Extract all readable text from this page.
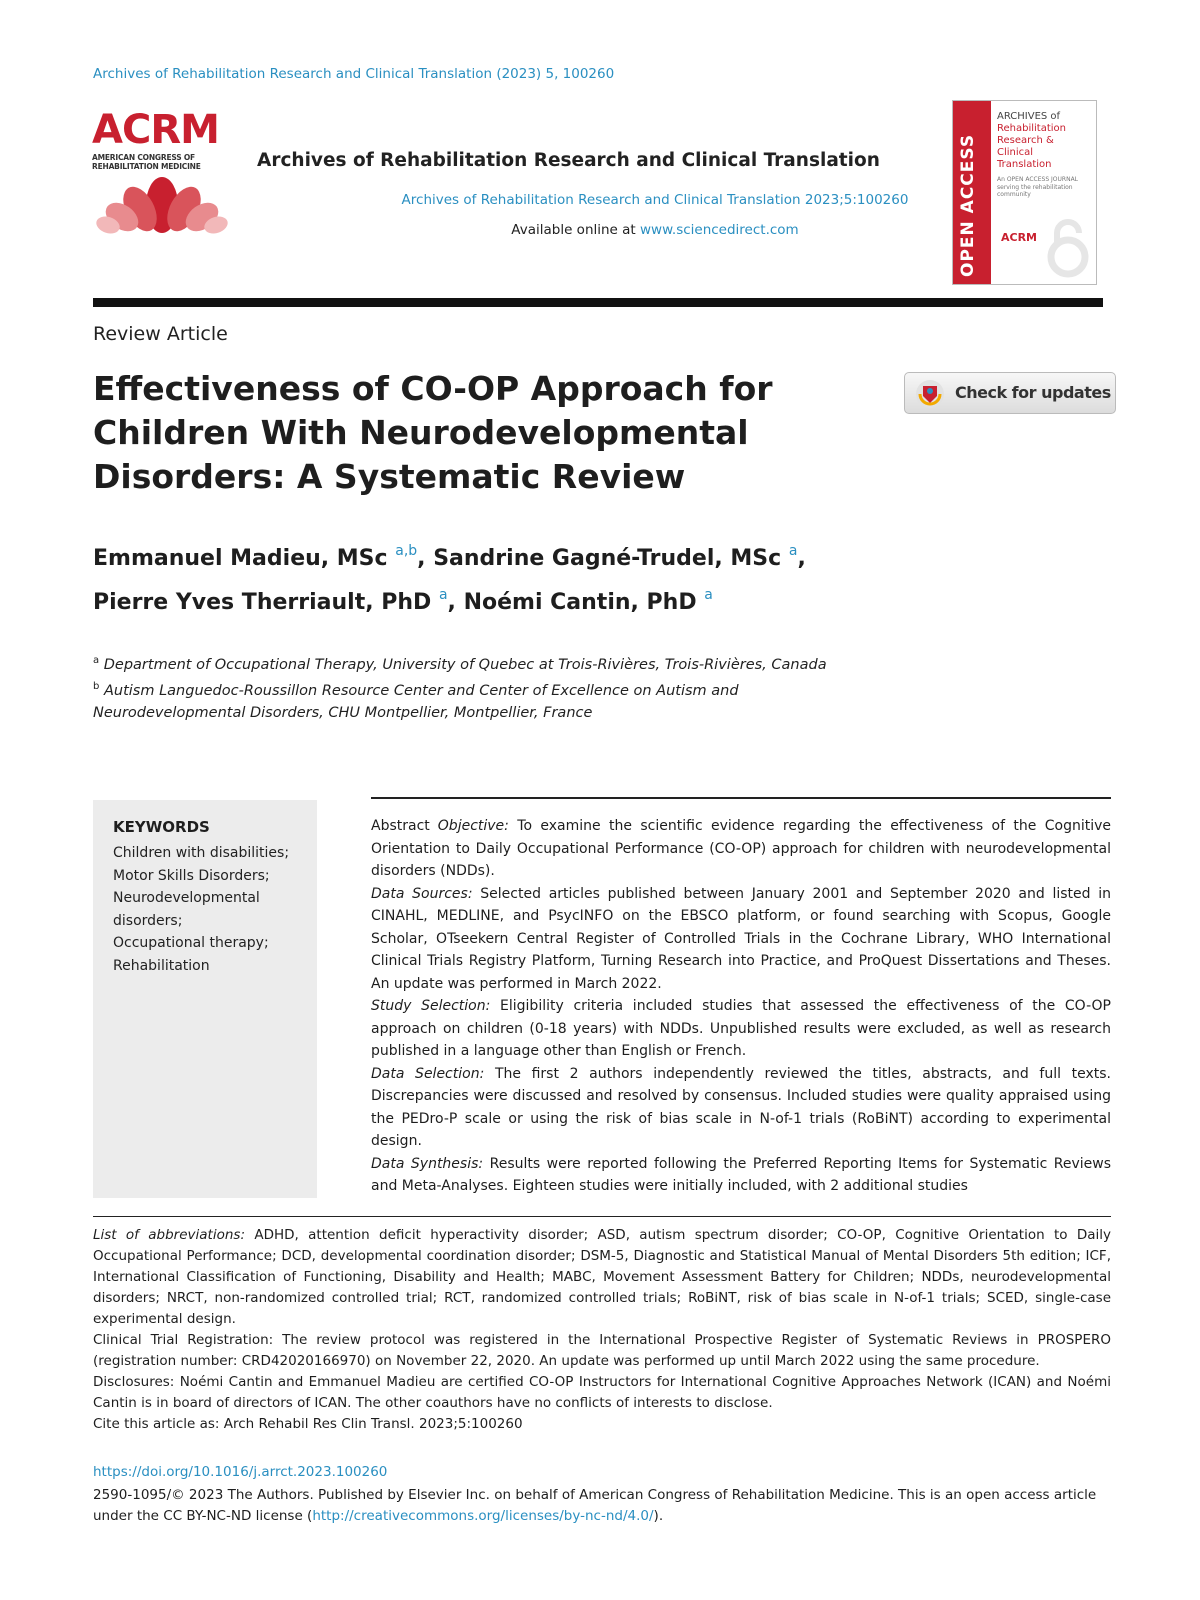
Archives of Rehabilitation Research and Clinical Translation (2023) 5, 100260
ACRM
AMERICAN CONGRESS OF
REHABILITATION MEDICINE	Archives of Rehabilitation Research and Clinical Translation
Archives of Rehabilitation Research and Clinical Translation 2023;5:100260
Available online at www.sciencedirect.com	OPEN ACCESS
ARCHIVES of
Rehabilitation
Research & Clinical
Translation
An OPEN ACCESS JOURNAL serving the rehabilitation community
ACRM
Review Article
Effectiveness of CO-OP Approach for Children With Neurodevelopmental Disorders: A Systematic Review
Check for updates
Emmanuel Madieu, MSc $^{a,b}$, Sandrine Gagné-Trudel, MSc $^a$,
Pierre Yves Therriault, PhD $^a$, Noémi Cantin, PhD $^a$
$^a$ Department of Occupational Therapy, University of Quebec at Trois-Rivières, Trois-Rivières, Canada
$^b$ Autism Languedoc-Roussillon Resource Center and Center of Excellence on Autism and Neurodevelopmental Disorders, CHU Montpellier, Montpellier, France
KEYWORDS
Children with disabilities;
Motor Skills Disorders;
Neurodevelopmental disorders;
Occupational therapy;
Rehabilitation

Abstract Objective: To examine the scientific evidence regarding the effectiveness of the Cognitive Orientation to Daily Occupational Performance (CO-OP) approach for children with neurodevelopmental disorders (NDDs).

Data Sources: Selected articles published between January 2001 and September 2020 and listed in CINAHL, MEDLINE, and PsycINFO on the EBSCO platform, or found searching with Scopus, Google Scholar, OTseekern Central Register of Controlled Trials in the Cochrane Library, WHO International Clinical Trials Registry Platform, Turning Research into Practice, and ProQuest Dissertations and Theses. An update was performed in March 2022.

Study Selection: Eligibility criteria included studies that assessed the effectiveness of the CO-OP approach on children (0-18 years) with NDDs. Unpublished results were excluded, as well as research published in a language other than English or French.

Data Selection: The first 2 authors independently reviewed the titles, abstracts, and full texts. Discrepancies were discussed and resolved by consensus. Included studies were quality appraised using the PEDro-P scale or using the risk of bias scale in N-of-1 trials (RoBiNT) according to experimental design.

Data Synthesis: Results were reported following the Preferred Reporting Items for Systematic Reviews and Meta-Analyses. Eighteen studies were initially included, with 2 additional studies

List of abbreviations: ADHD, attention deficit hyperactivity disorder; ASD, autism spectrum disorder; CO-OP, Cognitive Orientation to Daily Occupational Performance; DCD, developmental coordination disorder; DSM-5, Diagnostic and Statistical Manual of Mental Disorders 5th edition; ICF, International Classification of Functioning, Disability and Health; MABC, Movement Assessment Battery for Children; NDDs, neurodevelopmental disorders; NRCT, non-randomized controlled trial; RCT, randomized controlled trials; RoBiNT, risk of bias scale in N-of-1 trials; SCED, single-case experimental design.

Clinical Trial Registration: The review protocol was registered in the International Prospective Register of Systematic Reviews in PROSPERO (registration number: CRD42020166970) on November 22, 2020. An update was performed up until March 2022 using the same procedure.

Disclosures: Noémi Cantin and Emmanuel Madieu are certified CO-OP Instructors for International Cognitive Approaches Network (ICAN) and Noémi Cantin is in board of directors of ICAN. The other coauthors have no conflicts of interests to disclose.

Cite this article as: Arch Rehabil Res Clin Transl. 2023;5:100260

https://doi.org/10.1016/j.arrct.2023.100260
2590-1095/© 2023 The Authors. Published by Elsevier Inc. on behalf of American Congress of Rehabilitation Medicine. This is an open access article under the CC BY-NC-ND license (http://creativecommons.org/licenses/by-nc-nd/4.0/).
